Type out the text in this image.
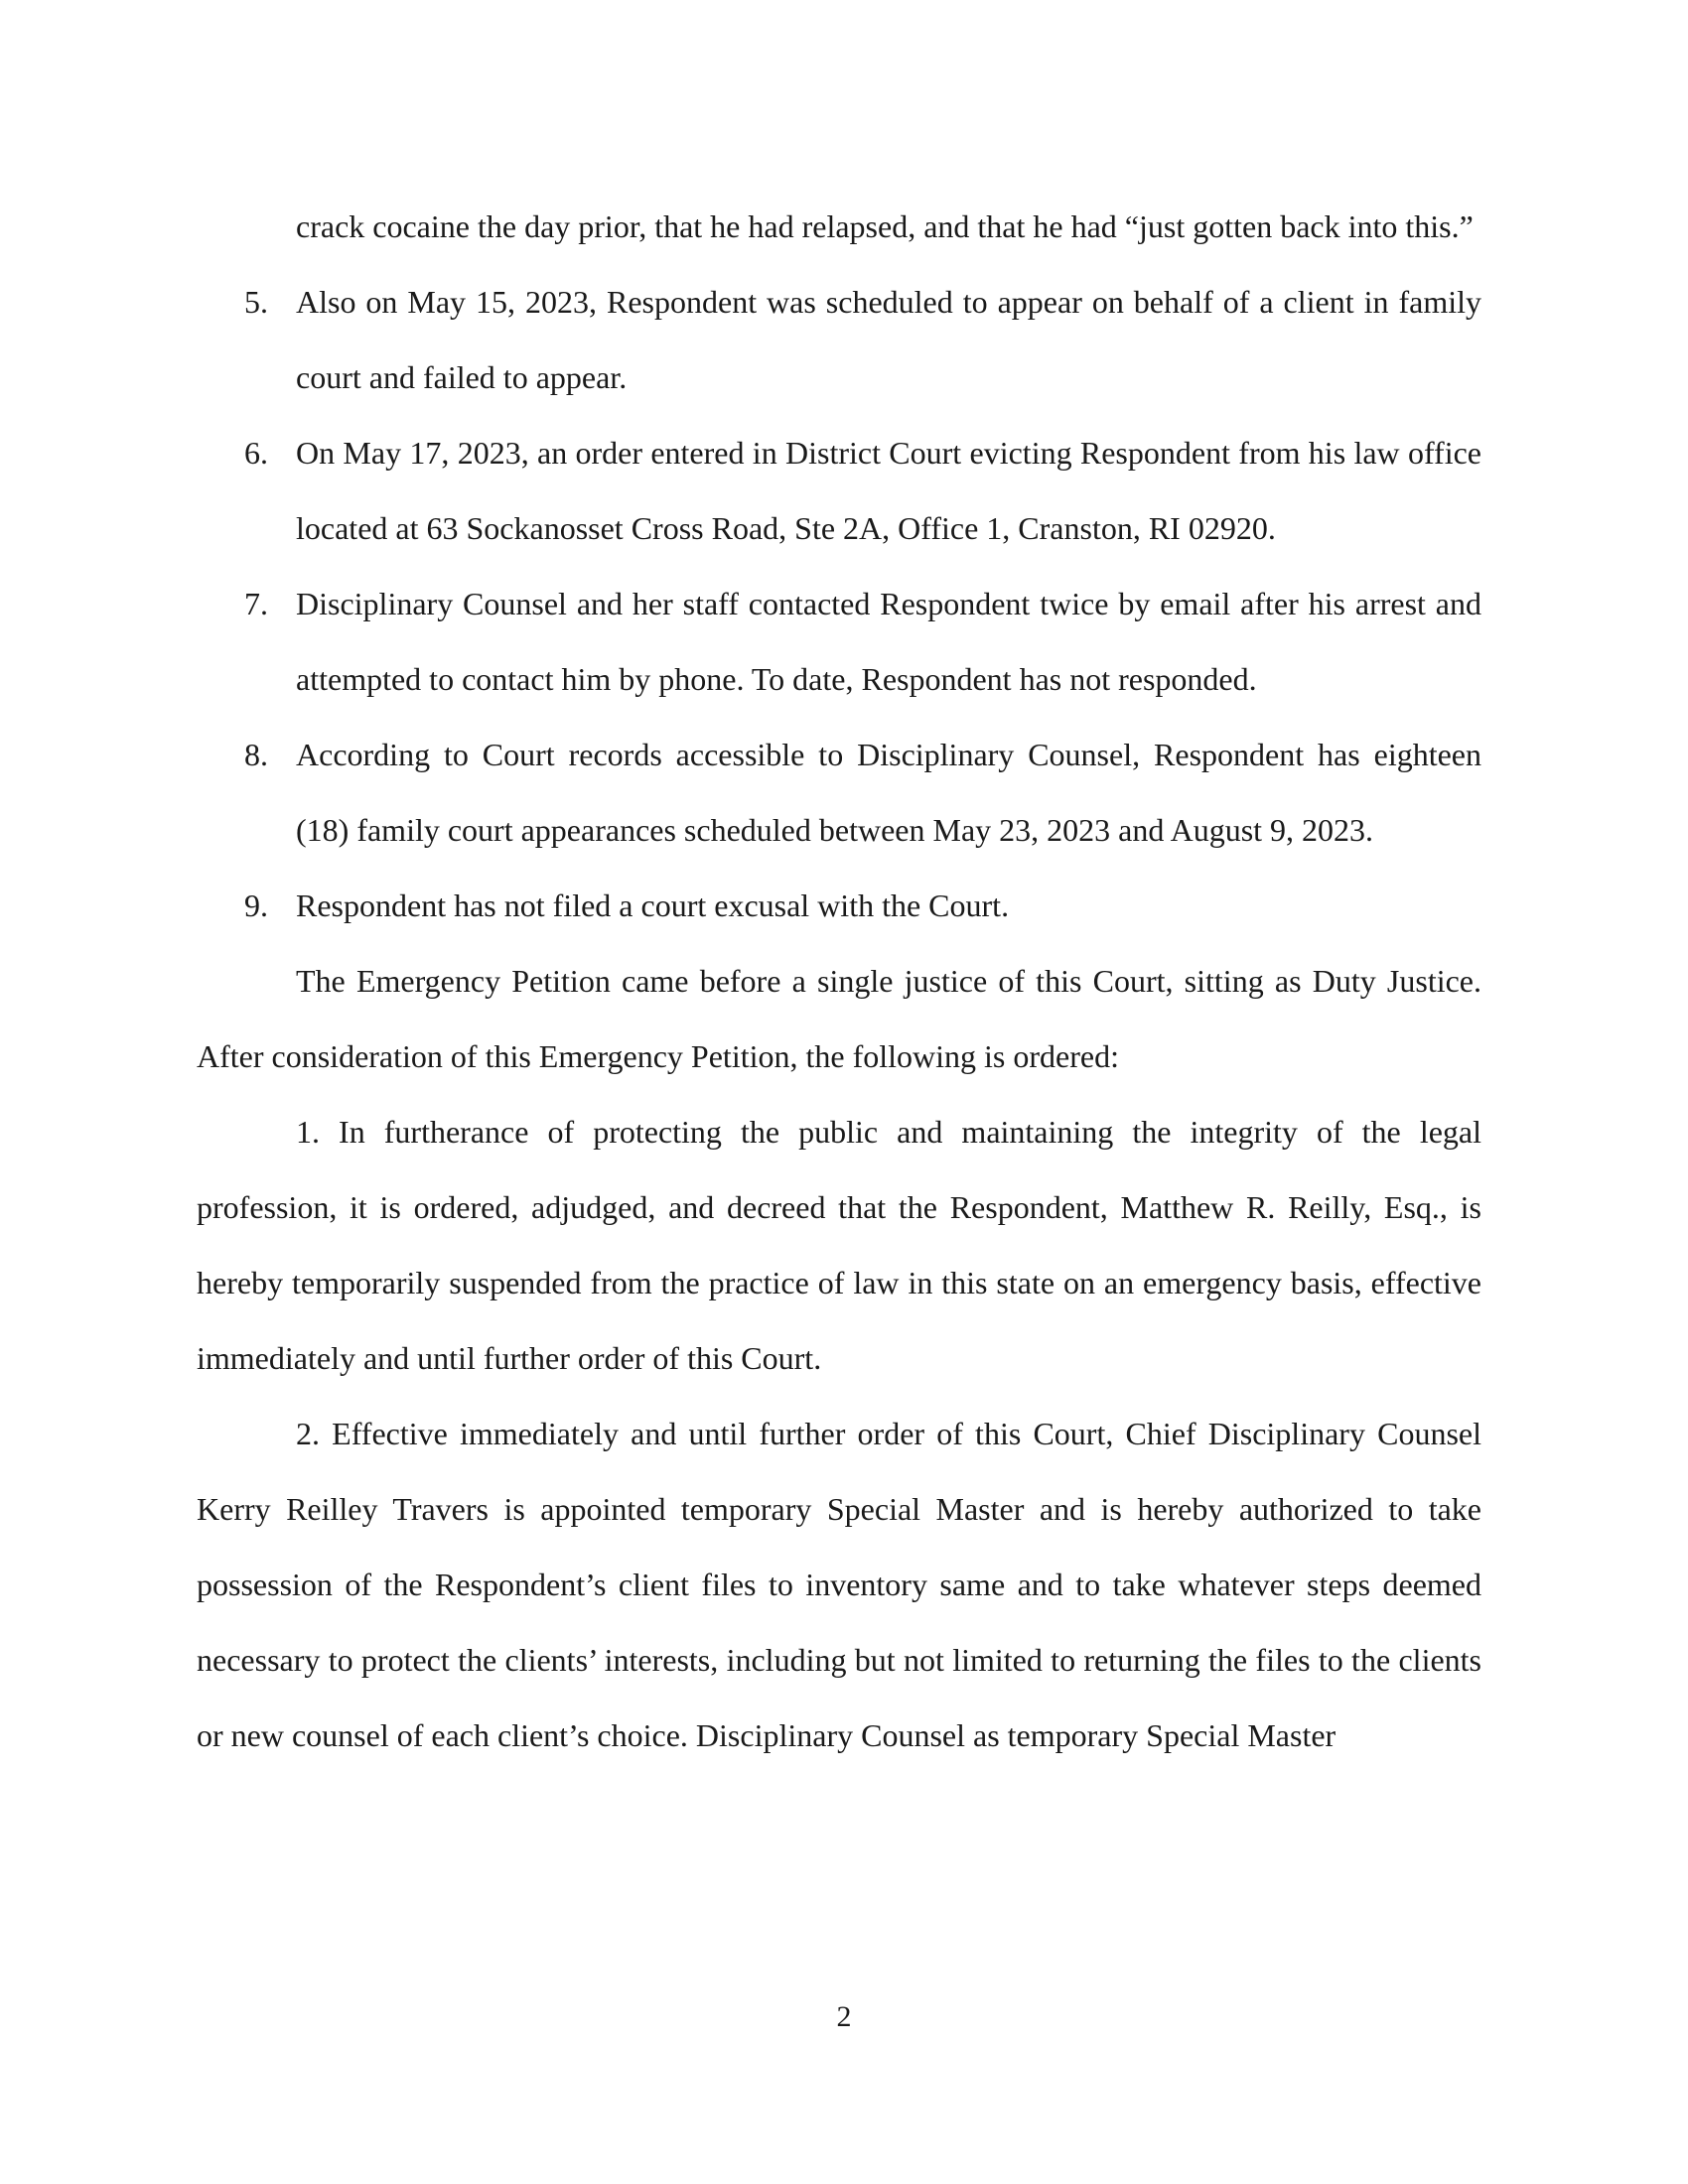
crack cocaine the day prior, that he had relapsed, and that he had “just gotten back into this.”

5. Also on May 15, 2023, Respondent was scheduled to appear on behalf of a client in family court and failed to appear.
6. On May 17, 2023, an order entered in District Court evicting Respondent from his law office located at 63 Sockanosset Cross Road, Ste 2A, Office 1, Cranston, RI 02920.
7. Disciplinary Counsel and her staff contacted Respondent twice by email after his arrest and attempted to contact him by phone. To date, Respondent has not responded.
8. According to Court records accessible to Disciplinary Counsel, Respondent has eighteen (18) family court appearances scheduled between May 23, 2023 and August 9, 2023.
9. Respondent has not filed a court excusal with the Court.

The Emergency Petition came before a single justice of this Court, sitting as Duty Justice. After consideration of this Emergency Petition, the following is ordered:

1. In furtherance of protecting the public and maintaining the integrity of the legal profession, it is ordered, adjudged, and decreed that the Respondent, Matthew R. Reilly, Esq., is hereby temporarily suspended from the practice of law in this state on an emergency basis, effective immediately and until further order of this Court.

2. Effective immediately and until further order of this Court, Chief Disciplinary Counsel Kerry Reilley Travers is appointed temporary Special Master and is hereby authorized to take possession of the Respondent’s client files to inventory same and to take whatever steps deemed necessary to protect the clients’ interests, including but not limited to returning the files to the clients or new counsel of each client’s choice. Disciplinary Counsel as temporary Special Master

2
